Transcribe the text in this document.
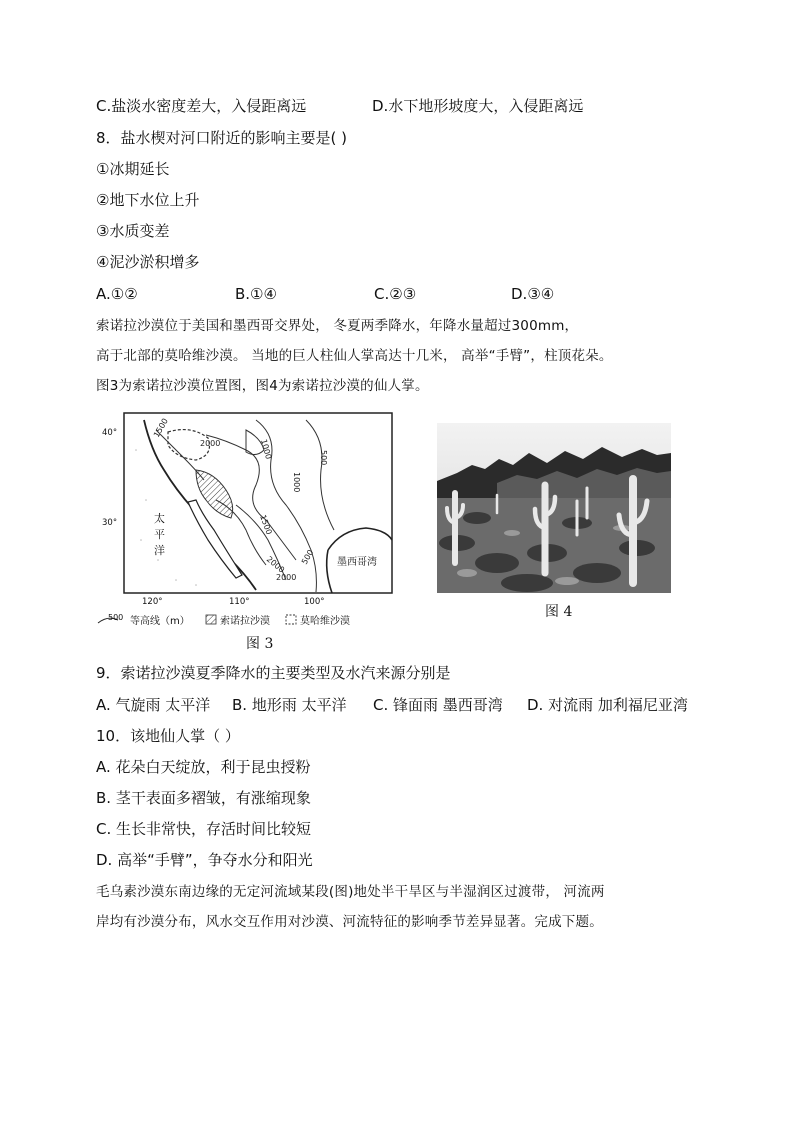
C.盐淡水密度差大，入侵距离远	D.水下地形坡度大，入侵距离远
8．盐水楔对河口附近的影响主要是( )
①冰期延长
②地下水位上升
③水质变差
④泥沙淤积增多
A.①②	B.①④	C.②③	D.③④
索诺拉沙漠位于美国和墨西哥交界处， 冬夏两季降水，年降水量超过300mm，
高于北部的莫哈维沙漠。 当地的巨人柱仙人掌高达十几米， 高举“手臂”，柱顶花朵。
图3为索诺拉沙漠位置图，图4为索诺拉沙漠的仙人掌。
1500
2000	1000	500
1000
1500
2000 500
2000
太 平 洋
墨西哥湾
40°
30°
120°	110°	100°
500 等高线（m）	索诺拉沙漠	莫哈维沙漠
图 3
图 4
9．索诺拉沙漠夏季降水的主要类型及水汽来源分别是
A. 气旋雨 太平洋 B. 地形雨 太平洋 C. 锋面雨 墨西哥湾 D. 对流雨 加利福尼亚湾
10．该地仙人掌（ ）
A. 花朵白天绽放，利于昆虫授粉
B. 茎干表面多褶皱，有涨缩现象
C. 生长非常快，存活时间比较短
D. 高举“手臂”，争夺水分和阳光
毛乌素沙漠东南边缘的无定河流域某段(图)地处半干旱区与半湿润区过渡带， 河流两
岸均有沙漠分布，风水交互作用对沙漠、河流特征的影响季节差异显著。完成下题。
